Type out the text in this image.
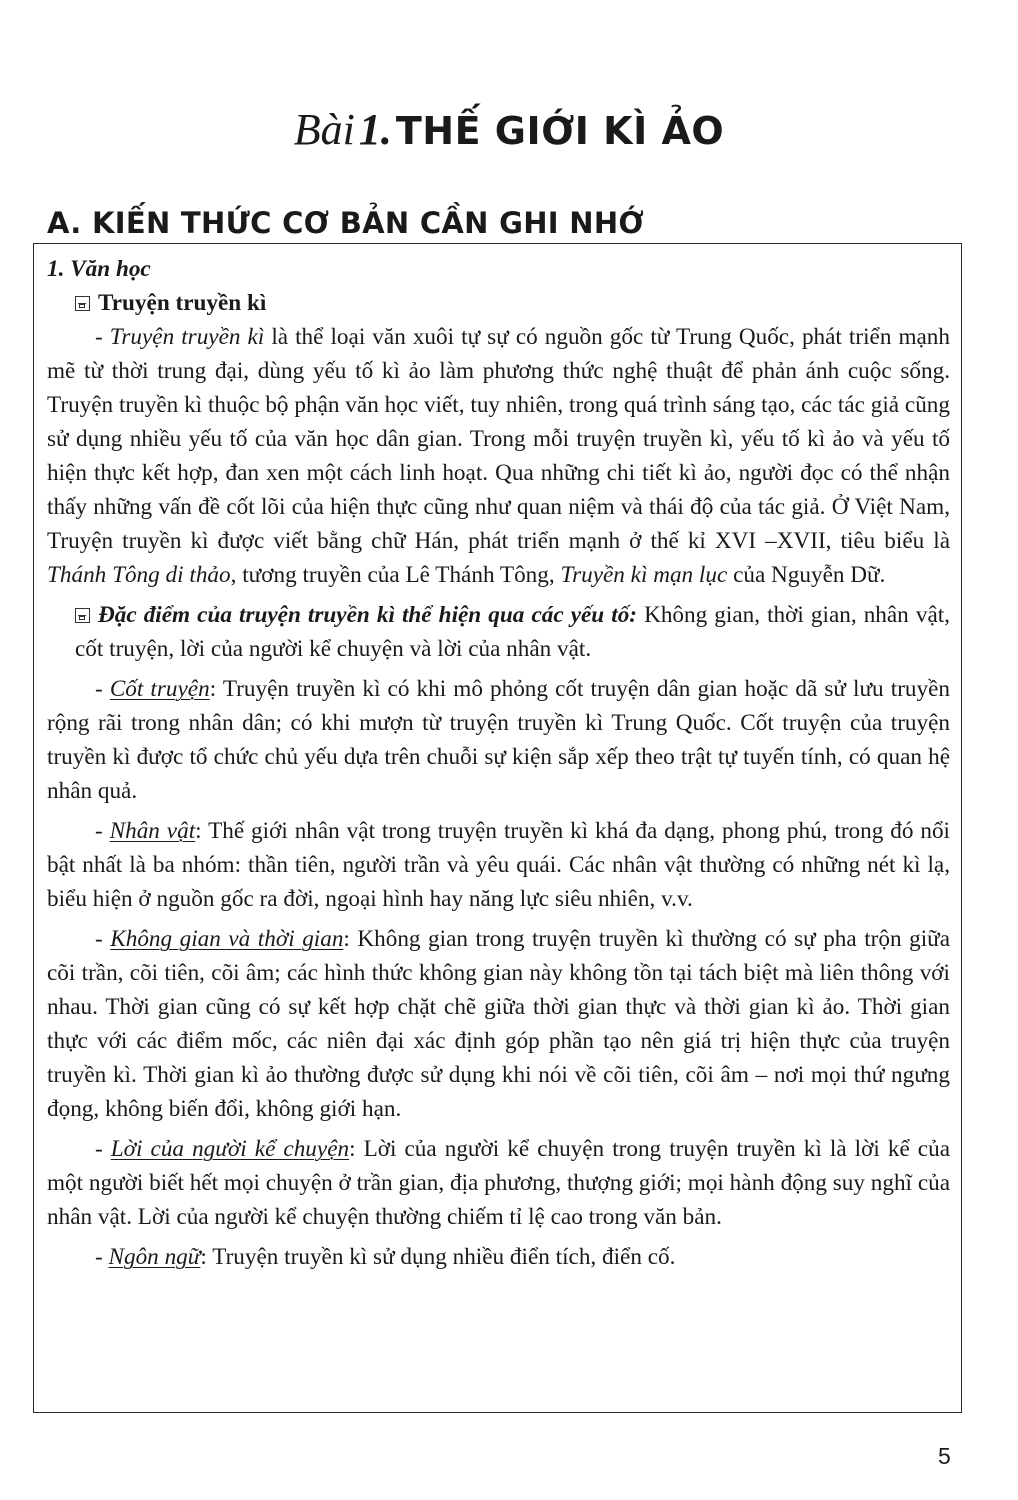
Bài 1. THẾ GIỚI KÌ ẢO
A. KIẾN THỨC CƠ BẢN CẦN GHI NHỚ

1. Văn học

Truyện truyền kì

- Truyện truyền kì là thể loại văn xuôi tự sự có nguồn gốc từ Trung Quốc, phát triển mạnh mẽ từ thời trung đại, dùng yếu tố kì ảo làm phương thức nghệ thuật để phản ánh cuộc sống. Truyện truyền kì thuộc bộ phận văn học viết, tuy nhiên, trong quá trình sáng tạo, các tác giả cũng sử dụng nhiều yếu tố của văn học dân gian. Trong mỗi truyện truyền kì, yếu tố kì ảo và yếu tố hiện thực kết hợp, đan xen một cách linh hoạt. Qua những chi tiết kì ảo, người đọc có thể nhận thấy những vấn đề cốt lõi của hiện thực cũng như quan niệm và thái độ của tác giả. Ở Việt Nam, Truyện truyền kì được viết bằng chữ Hán, phát triển mạnh ở thế kỉ XVI –XVII, tiêu biểu là Thánh Tông di thảo, tương truyền của Lê Thánh Tông, Truyền kì mạn lục của Nguyễn Dữ.

Đặc điểm của truyện truyền kì thể hiện qua các yếu tố: Không gian, thời gian, nhân vật, cốt truyện, lời của người kể chuyện và lời của nhân vật.

- Cốt truyện: Truyện truyền kì có khi mô phỏng cốt truyện dân gian hoặc dã sử lưu truyền rộng rãi trong nhân dân; có khi mượn từ truyện truyền kì Trung Quốc. Cốt truyện của truyện truyền kì được tổ chức chủ yếu dựa trên chuỗi sự kiện sắp xếp theo trật tự tuyến tính, có quan hệ nhân quả.

- Nhân vật: Thế giới nhân vật trong truyện truyền kì khá đa dạng, phong phú, trong đó nổi bật nhất là ba nhóm: thần tiên, người trần và yêu quái. Các nhân vật thường có những nét kì lạ, biểu hiện ở nguồn gốc ra đời, ngoại hình hay năng lực siêu nhiên, v.v.

- Không gian và thời gian: Không gian trong truyện truyền kì thường có sự pha trộn giữa cõi trần, cõi tiên, cõi âm; các hình thức không gian này không tồn tại tách biệt mà liên thông với nhau. Thời gian cũng có sự kết hợp chặt chẽ giữa thời gian thực và thời gian kì ảo. Thời gian thực với các điểm mốc, các niên đại xác định góp phần tạo nên giá trị hiện thực của truyện truyền kì. Thời gian kì ảo thường được sử dụng khi nói về cõi tiên, cõi âm – nơi mọi thứ ngưng đọng, không biến đổi, không giới hạn.

- Lời của người kể chuyện: Lời của người kể chuyện trong truyện truyền kì là lời kể của một người biết hết mọi chuyện ở trần gian, địa phương, thượng giới; mọi hành động suy nghĩ của nhân vật. Lời của người kể chuyện thường chiếm tỉ lệ cao trong văn bản.

- Ngôn ngữ: Truyện truyền kì sử dụng nhiều điển tích, điển cố.

5
